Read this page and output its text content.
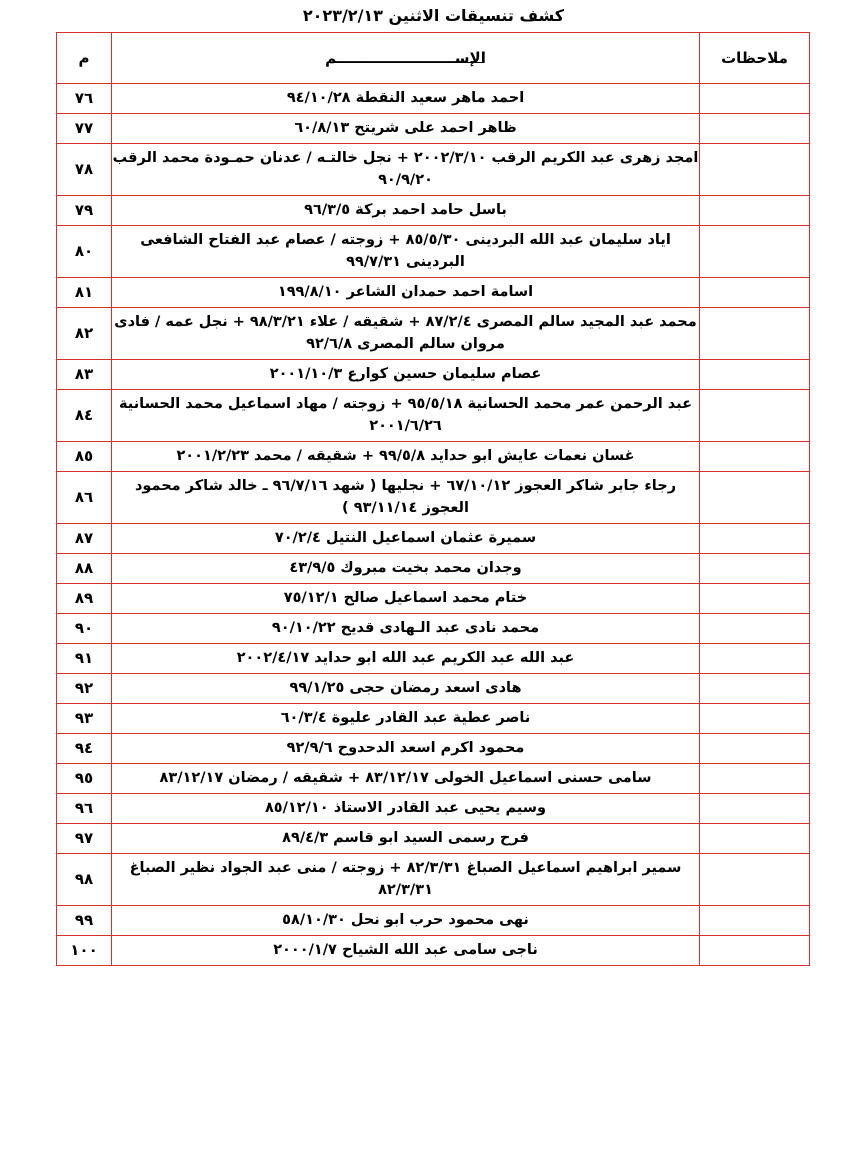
كشف تنسيقات الاثنين ٢٠٢٣/٢/١٣
ملاحظات	الإســـــــــــــــــــــــم	م
	احمد ماهر سعيد النقطة ٩٤/١٠/٢٨	٧٦
	ظاهر احمد على شريتح ٦٠/٨/١٣	٧٧
	امجد زهرى عبد الكريم الرقب ٢٠٠٢/٣/١٠ + نجل خالتـه / عدنان حمـودة محمد الرقب ٩٠/٩/٢٠	٧٨
	باسل حامد احمد بركة ٩٦/٣/٥	٧٩
	اياد سليمان عبد الله البردينى ٨٥/٥/٣٠ + زوجته / عصام عبد الفتاح الشافعى البردينى ٩٩/٧/٣١	٨٠
	اسامة احمد حمدان الشاعر ١٩٩/٨/١٠	٨١
	محمد عبد المجيد سالم المصرى ٨٧/٢/٤ + شقيقه / علاء ٩٨/٣/٢١ + نجل عمه / فادى مروان سالم المصرى ٩٢/٦/٨	٨٢
	عصام سليمان حسين كوارع ٢٠٠١/١٠/٣	٨٣
	عبد الرحمن عمر محمد الحسانية ٩٥/٥/١٨ + زوجته / مهاد اسماعيل محمد الحسانية ٢٠٠١/٦/٢٦	٨٤
	غسان نعمات عايش ابو حداید ٩٩/٥/٨ + شقيقه / محمد ٢٠٠١/٢/٢٣	٨٥
	رجاء جابر شاكر العجوز ٦٧/١٠/١٢ + نجليها ( شهد ٩٦/٧/١٦ ـ خالد شاكر محمود العجوز ٩٣/١١/١٤ )	٨٦
	سميرة عثمان اسماعيل النتيل ٧٠/٢/٤	٨٧
	وجدان محمد بخيت مبروك ٤٣/٩/٥	٨٨
	ختام محمد اسماعيل صالح ٧٥/١٢/١	٨٩
	محمد نادى عبد الـهادى قديح ٩٠/١٠/٢٢	٩٠
	عبد الله عبد الكريم عبد الله ابو حداید ٢٠٠٢/٤/١٧	٩١
	هادى اسعد رمضان حجى ٩٩/١/٢٥	٩٢
	ناصر عطية عبد القادر عليوة ٦٠/٣/٤	٩٣
	محمود اكرم اسعد الدحدوح ٩٢/٩/٦	٩٤
	سامى حسنى اسماعيل الخولى ٨٣/١٢/١٧ + شقيقه / رمضان ٨٣/١٢/١٧	٩٥
	وسيم يحيى عبد القادر الاستاذ ٨٥/١٢/١٠	٩٦
	فرح رسمى السيد ابو قاسم ٨٩/٤/٣	٩٧
	سمير ابراهيم اسماعيل الصباغ ٨٢/٣/٣١ + زوجته / منى عبد الجواد نظير الصباغ ٨٢/٣/٣١	٩٨
	نهى محمود حرب ابو نحل ٥٨/١٠/٣٠	٩٩
	ناجى سامى عبد الله الشياح ٢٠٠٠/١/٧	١٠٠
